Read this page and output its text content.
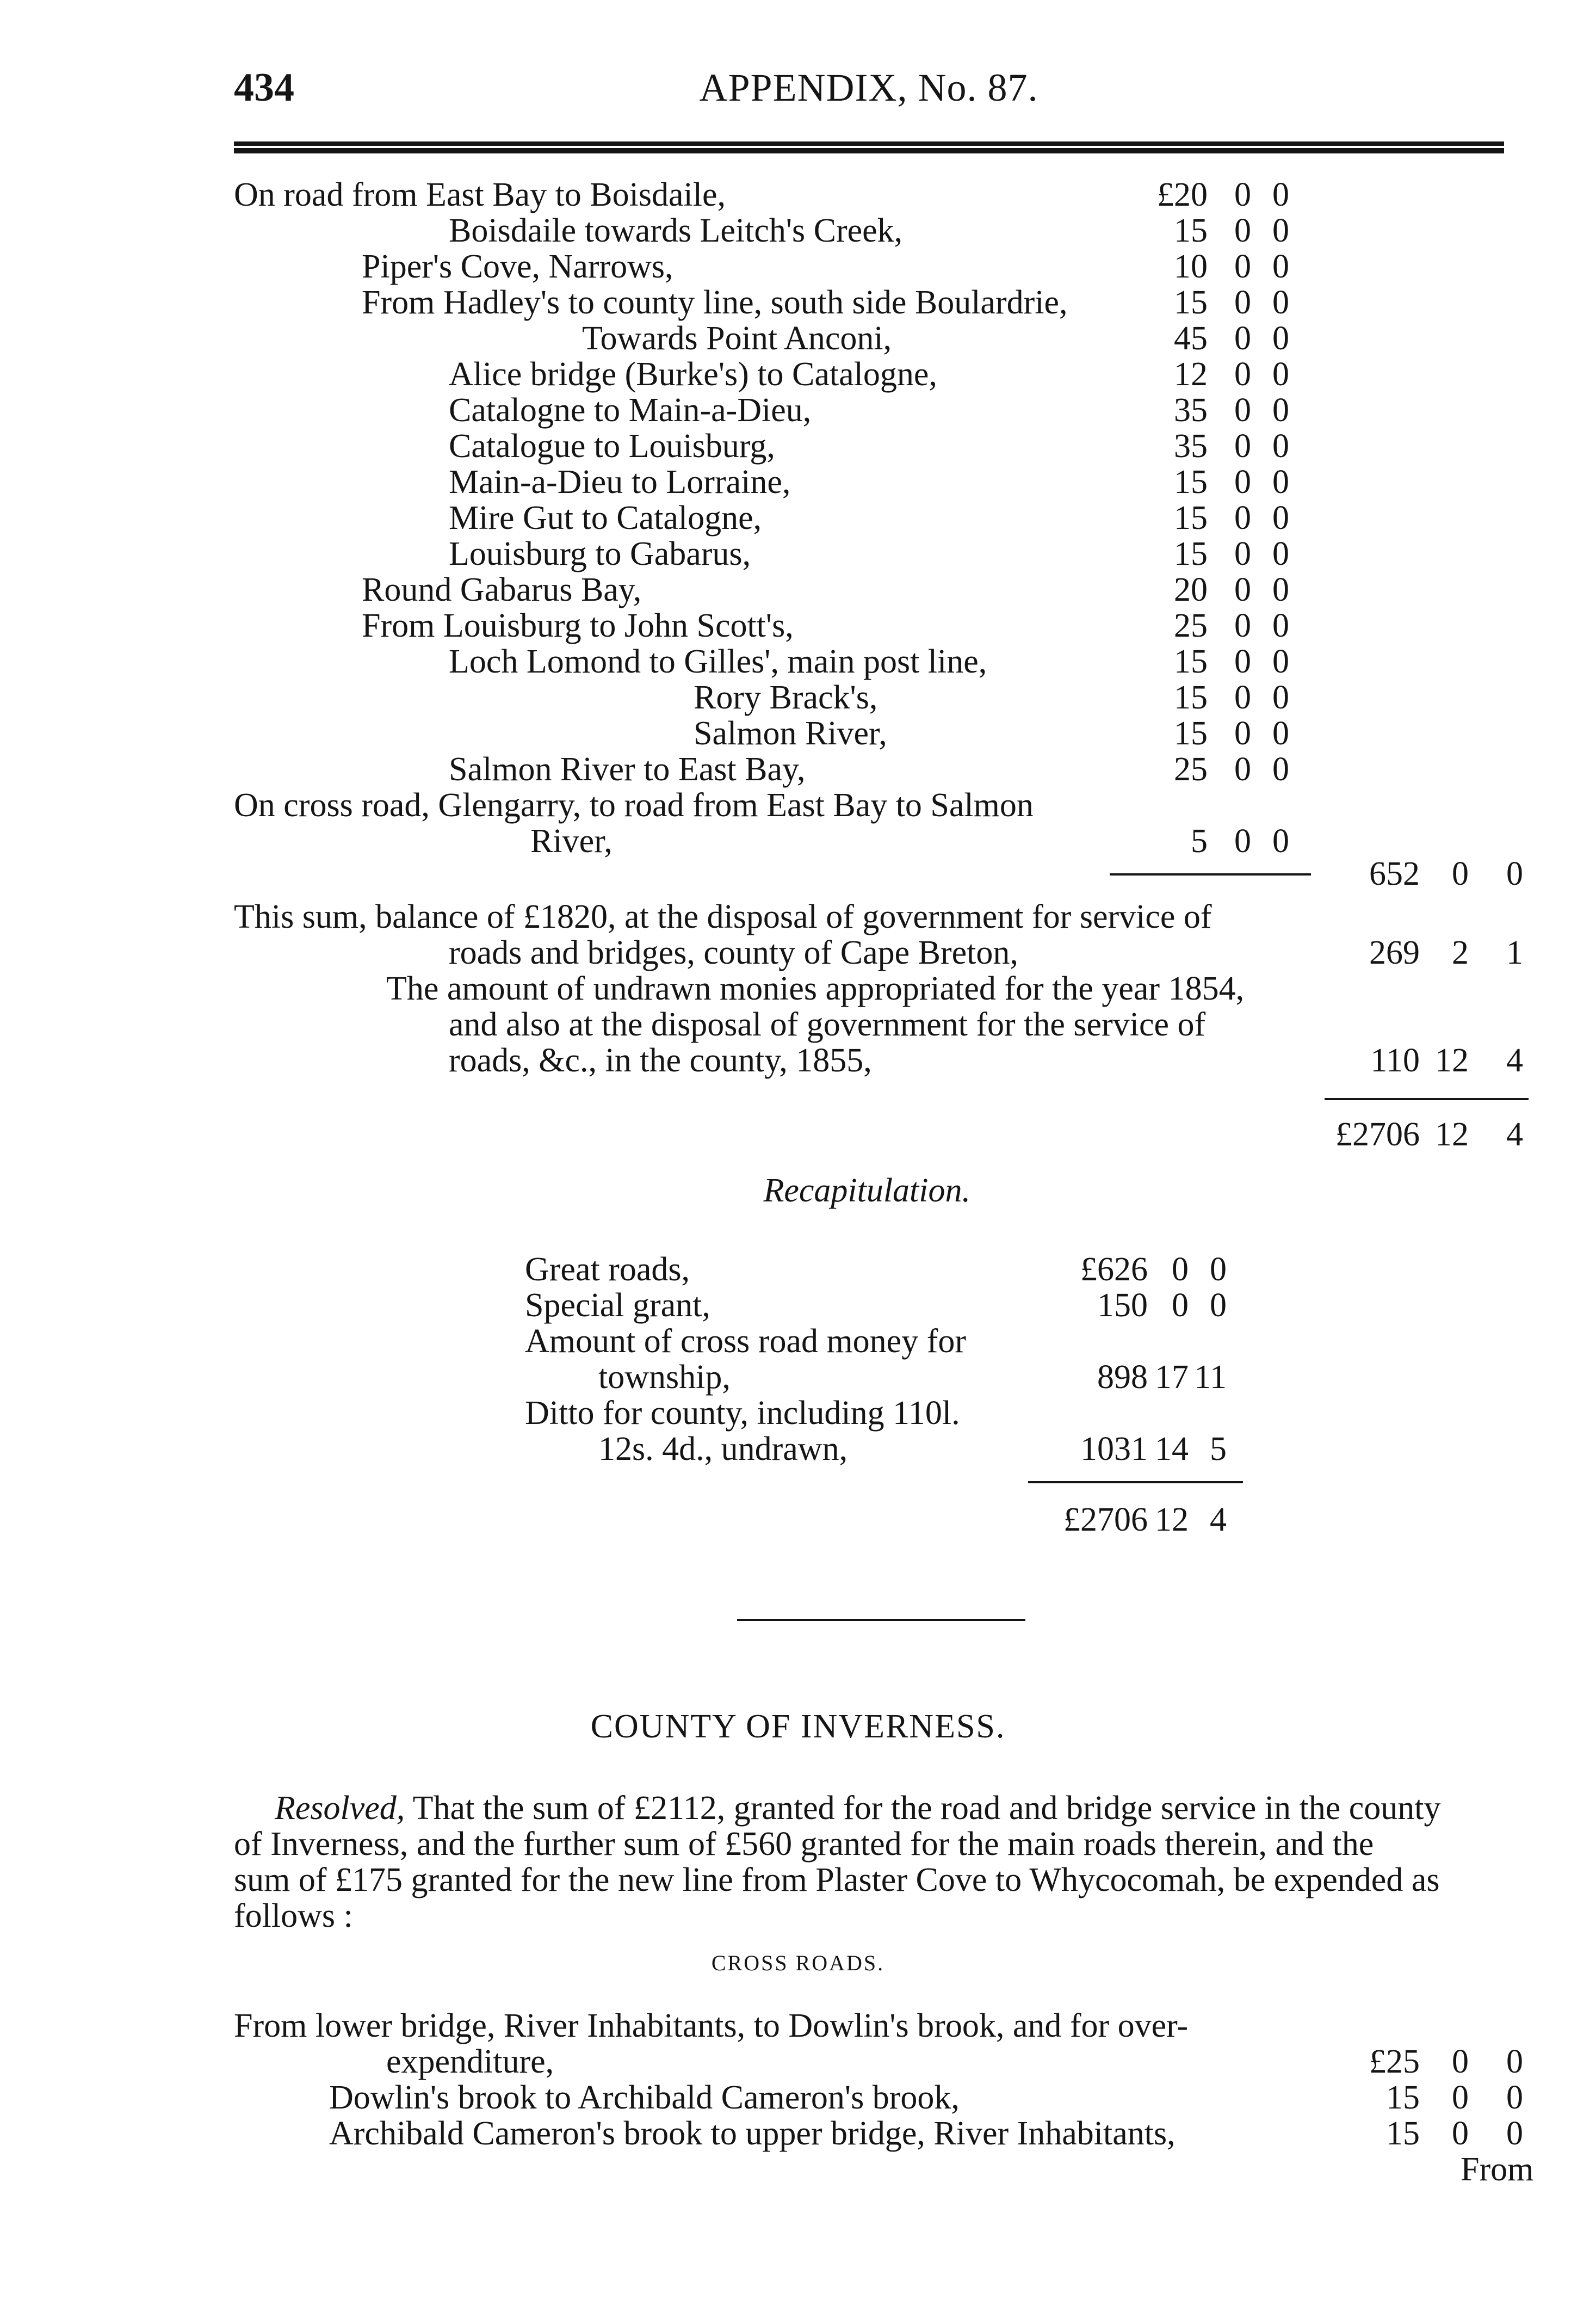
434	APPENDIX, No. 87.
On road from East Bay to Boisdaile,	£20 0 0
Boisdaile towards Leitch's Creek,	15 0 0
Piper's Cove, Narrows,	10 0 0
From Hadley's to county line, south side Boulardrie,	15 0 0
Towards Point Anconi,	45 0 0
Alice bridge (Burke's) to Catalogne,	12 0 0
Catalogne to Main-a-Dieu,	35 0 0
Catalogue to Louisburg,	35 0 0
Main-a-Dieu to Lorraine,	15 0 0
Mire Gut to Catalogne,	15 0 0
Louisburg to Gabarus,	15 0 0
Round Gabarus Bay,	20 0 0
From Louisburg to John Scott's,	25 0 0
Loch Lomond to Gilles', main post line,	15 0 0
Rory Brack's,	15 0 0
Salmon River,	15 0 0
Salmon River to East Bay,	25 0 0
On cross road, Glengarry, to road from East Bay to Salmon
River,	5 0 0
652 0	0
This sum, balance of £1820, at the disposal of government for service of
roads and bridges, county of Cape Breton,	269 2	1
The amount of undrawn monies appropriated for the year 1854,
and also at the disposal of government for the service of
roads, &c., in the county, 1855,	110 12	4
£2706 12	4
Recapitulation.
Great roads,	£626 0 0
Special grant,	150 0 0
Amount of cross road money for
township,	898 17 11
Ditto for county, including 110l.
12s. 4d., undrawn,	1031 14 5
£2706 12 4
COUNTY OF INVERNESS.
Resolved, That the sum of £2112, granted for the road and bridge service in the county
of Inverness, and the further sum of £560 granted for the main roads therein, and the
sum of £175 granted for the new line from Plaster Cove to Whycocomah, be expended as
follows :
CROSS ROADS.
From lower bridge, River Inhabitants, to Dowlin's brook, and for over-
expenditure,	£25 0	0
Dowlin's brook to Archibald Cameron's brook,	15 0	0
Archibald Cameron's brook to upper bridge, River Inhabitants,	15 0	0
From
